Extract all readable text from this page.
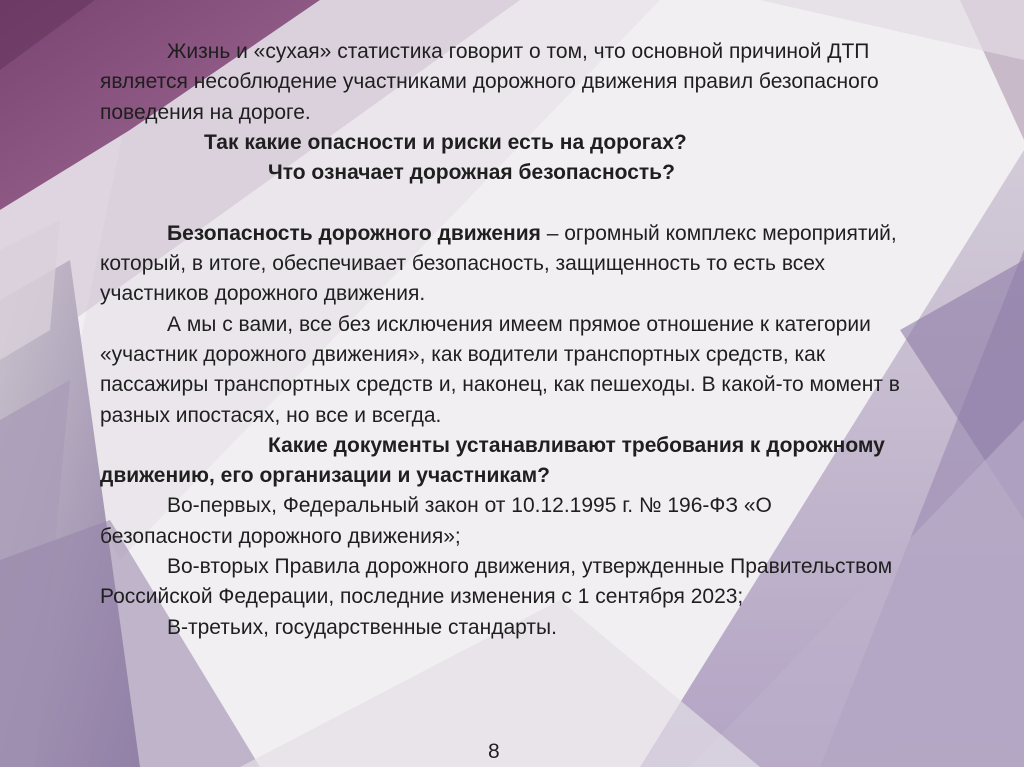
Жизнь и «сухая» статистика говорит о том, что основной причиной ДТП является несоблюдение участниками дорожного движения правил безопасного поведения на дороге.

Так какие опасности и риски есть на дорогах?

Что означает дорожная безопасность?

Безопасность дорожного движения – огромный комплекс мероприятий, который, в итоге, обеспечивает безопасность, защищенность то есть всех участников дорожного движения.

А мы с вами, все без исключения имеем прямое отношение к категории «участник дорожного движения», как водители транспортных средств, как пассажиры транспортных средств и, наконец, как пешеходы. В какой-то момент в разных ипостасях, но все и всегда.

Какие документы устанавливают требования к дорожному движению, его организации и участникам?

Во-первых, Федеральный закон от 10.12.1995 г. № 196-ФЗ «О безопасности дорожного движения»;

Во-вторых Правила дорожного движения, утвержденные Правительством Российской Федерации, последние изменения с 1 сентября 2023;

В-третьих, государственные стандарты.

8
